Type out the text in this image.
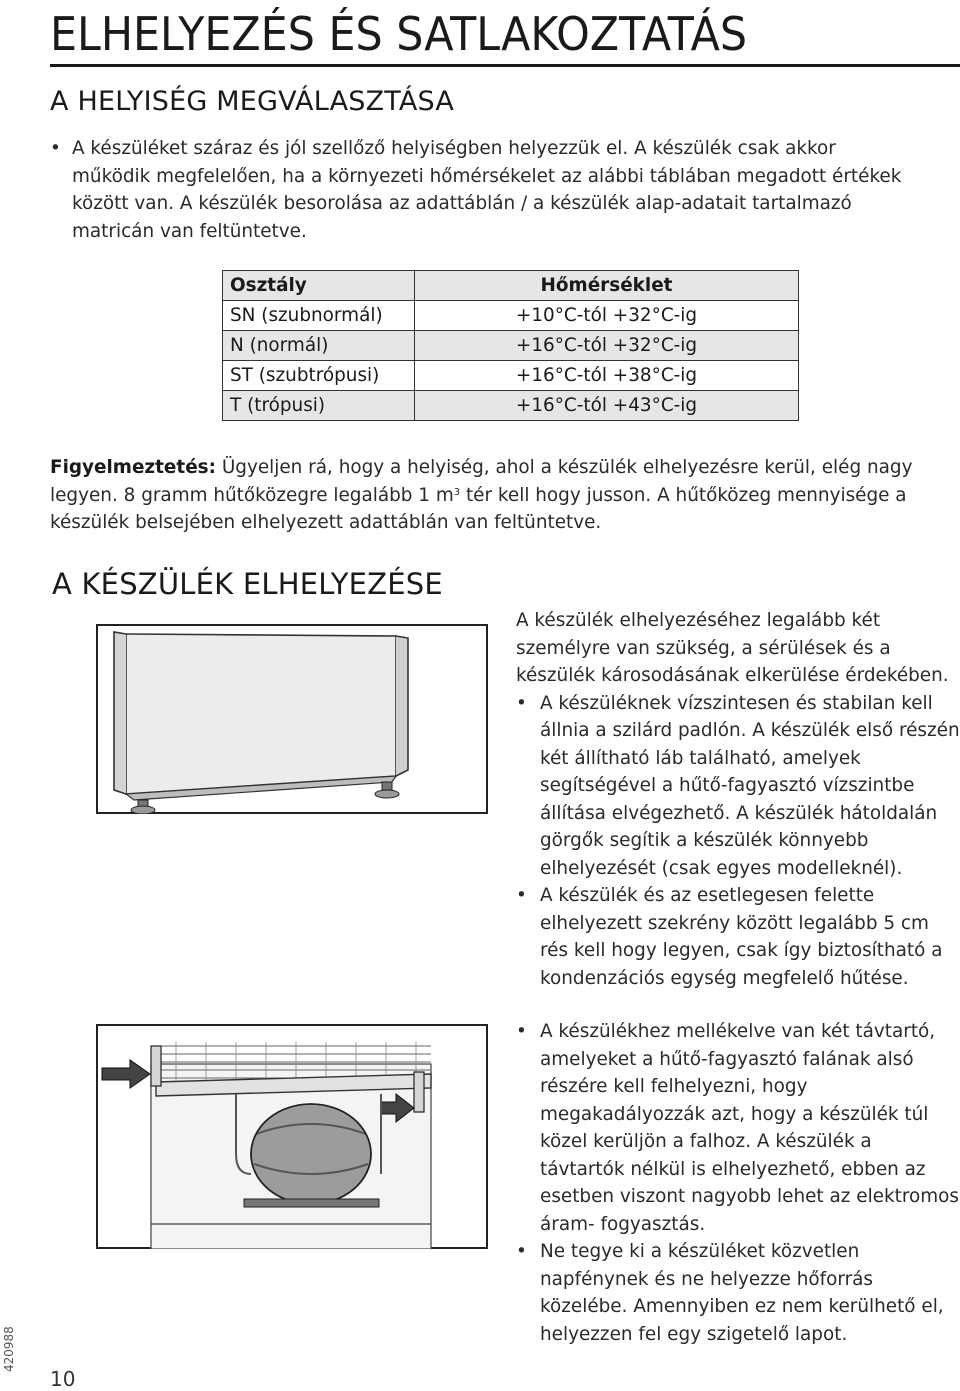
ELHELYEZÉS ÉS SATLAKOZTATÁS
A HELYISÉG MEGVÁLASZTÁSA
• A készüléket száraz és jól szellőző helyiségben helyezzük el. A készülék csak akkor működik megfelelően, ha a környezeti hőmérsékelet az alábbi táblában megadott értékek között van. A készülék besorolása az adattáblán / a készülék alap-adatait tartalmazó matricán van feltüntetve.
Osztály	Hőmérséklet
SN (szubnormál)	+10°C-tól +32°C-ig
N (normál)	+16°C-tól +32°C-ig
ST (szubtrópusi)	+16°C-tól +38°C-ig
T (trópusi)	+16°C-tól +43°C-ig

Figyelmeztetés: Ügyeljen rá, hogy a helyiség, ahol a készülék elhelyezésre kerül, elég nagy legyen. 8 gramm hűtőközegre legalább 1 $m^3$ tér kell hogy jusson. A hűtőközeg mennyisége a készülék belsejében elhelyezett adattáblán van feltüntetve.

A KÉSZÜLÉK ELHELYEZÉSE
A készülék elhelyezéséhez legalább két személyre van szükség, a sérülések és a készülék károsodásának elkerülése érdekében.
• A készüléknek vízszintesen és stabilan kell állnia a szilárd padlón. A készülék első részén két állítható láb található, amelyek segítségével a hűtő-fagyasztó vízszintbe állítása elvégezhető. A készülék hátoldalán görgők segítik a készülék könnyebb elhelyezését (csak egyes modelleknél).
• A készülék és az esetlegesen felette elhelyezett szekrény között legalább 5 cm rés kell hogy legyen, csak így biztosítható a kondenzációs egység megfelelő hűtése.
• A készülékhez mellékelve van két távtartó, amelyeket a hűtő-fagyasztó falának alsó részére kell felhelyezni, hogy megakadályozzák azt, hogy a készülék túl közel kerüljön a falhoz. A készülék a távtartók nélkül is elhelyezhető, ebben az esetben viszont nagyobb lehet az elektromos áram- fogyasztás.
• Ne tegye ki a készüléket közvetlen napfénynek és ne helyezze hőforrás közelébe. Amennyiben ez nem kerülhető el, helyezzen fel egy szigetelő lapot.
10
420988
